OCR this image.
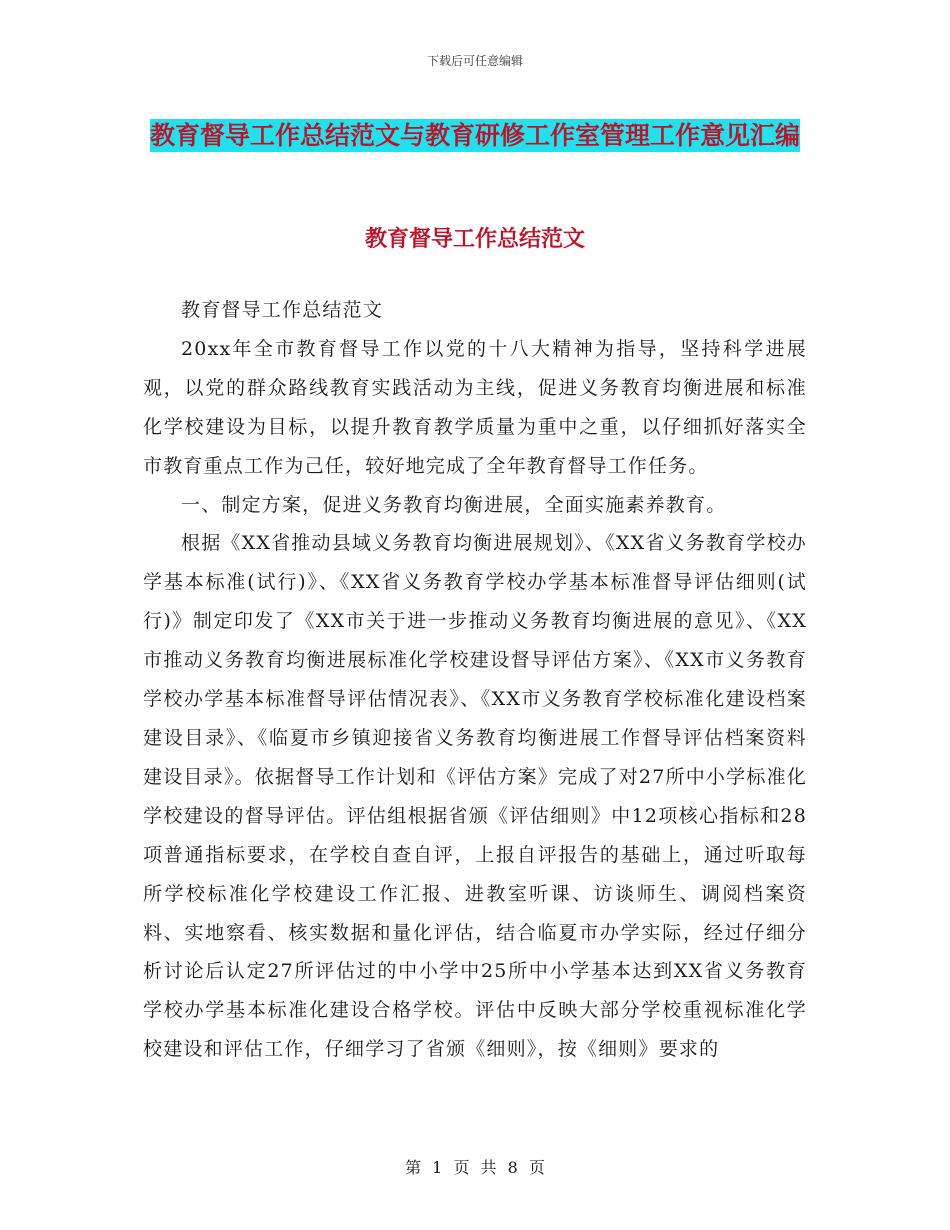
下载后可任意编辑
教育督导工作总结范文与教育研修工作室管理工作意见汇编
教育督导工作总结范文

教育督导工作总结范文

20xx年全市教育督导工作以党的十八大精神为指导，坚持科学进展观，以党的群众路线教育实践活动为主线，促进义务教育均衡进展和标准化学校建设为目标，以提升教育教学质量为重中之重，以仔细抓好落实全市教育重点工作为己任，较好地完成了全年教育督导工作任务。

一、制定方案，促进义务教育均衡进展，全面实施素养教育。

根据《XX省推动县域义务教育均衡进展规划》、《XX省义务教育学校办学基本标准(试行)》、《XX省义务教育学校办学基本标准督导评估细则(试行)》制定印发了《XX市关于进一步推动义务教育均衡进展的意见》、《XX市推动义务教育均衡进展标准化学校建设督导评估方案》、《XX市义务教育学校办学基本标准督导评估情况表》、《XX市义务教育学校标准化建设档案建设目录》、《临夏市乡镇迎接省义务教育均衡进展工作督导评估档案资料建设目录》。依据督导工作计划和《评估方案》完成了对27所中小学标准化学校建设的督导评估。评估组根据省颁《评估细则》中12项核心指标和28项普通指标要求，在学校自查自评，上报自评报告的基础上，通过听取每所学校标准化学校建设工作汇报、进教室听课、访谈师生、调阅档案资料、实地察看、核实数据和量化评估，结合临夏市办学实际，经过仔细分析讨论后认定27所评估过的中小学中25所中小学基本达到XX省义务教育学校办学基本标准化建设合格学校。评估中反映大部分学校重视标准化学校建设和评估工作，仔细学习了省颁《细则》，按《细则》要求的

第 1 页 共 8 页
